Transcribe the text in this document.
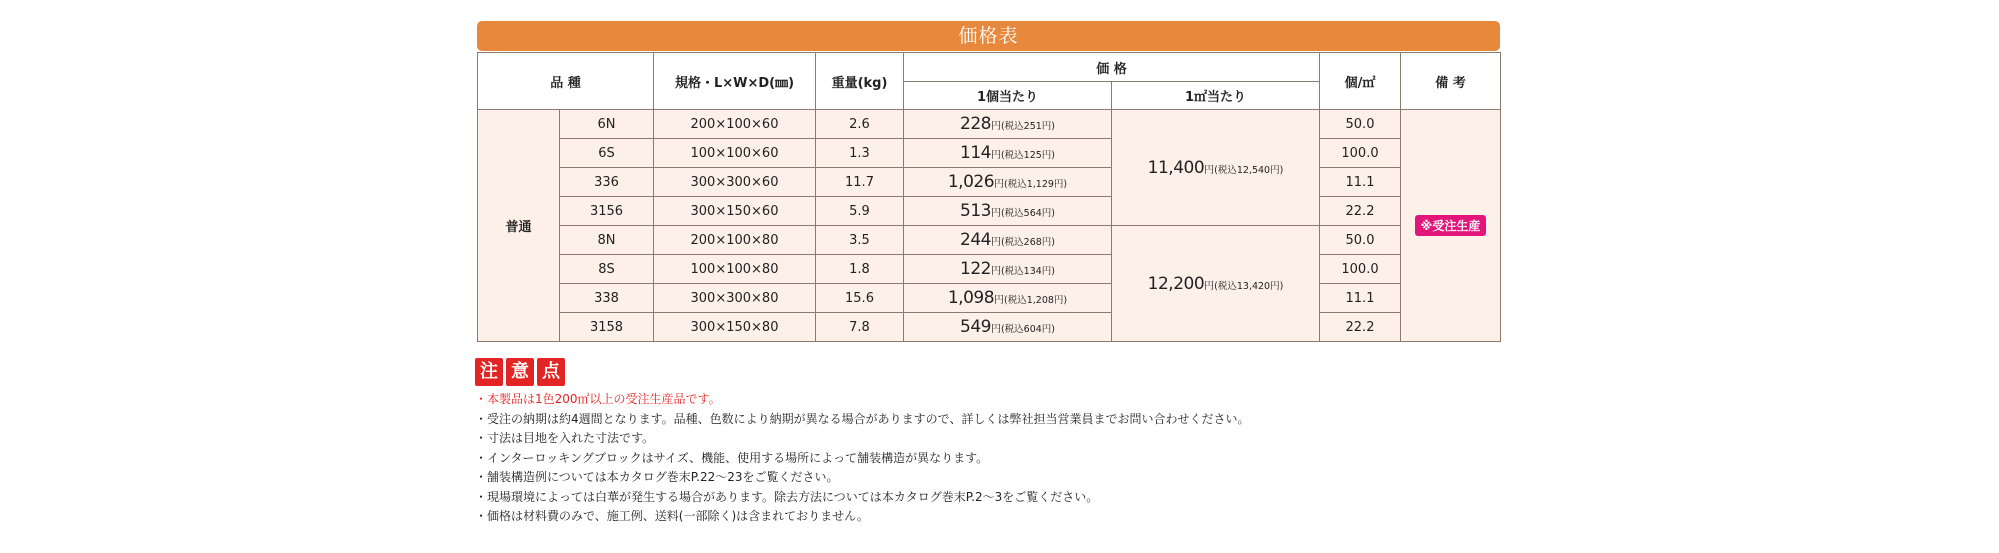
価格表
品 種		規格・L×W×D(㎜)	重量(kg)	価 格		個/㎡	備 考
				1個当たり	1㎡当たり		
普通	6N	200×100×60	2.6	228円(税込251円)	11,400円(税込12,540円)	50.0	※受注生産
	6S	100×100×60	1.3	114円(税込125円)		100.0	
	336	300×300×60	11.7	1,026円(税込1,129円)		11.1	
	3156	300×150×60	5.9	513円(税込564円)		22.2	
	8N	200×100×80	3.5	244円(税込268円)	12,200円(税込13,420円)	50.0	
	8S	100×100×80	1.8	122円(税込134円)		100.0	
	338	300×300×80	15.6	1,098円(税込1,208円)		11.1	
	3158	300×150×80	7.8	549円(税込604円)		22.2	
注 意 点
・本製品は1色200㎡以上の受注生産品です。
・受注の納期は約4週間となります。品種、色数により納期が異なる場合がありますので、詳しくは弊社担当営業員までお問い合わせください。
・寸法は目地を入れた寸法です。
・インターロッキングブロックはサイズ、機能、使用する場所によって舗装構造が異なります。
・舗装構造例については本カタログ巻末P.22〜23をご覧ください。
・現場環境によっては白華が発生する場合があります。除去方法については本カタログ巻末P.2〜3をご覧ください。
・価格は材料費のみで、施工例、送料(一部除く)は含まれておりません。
